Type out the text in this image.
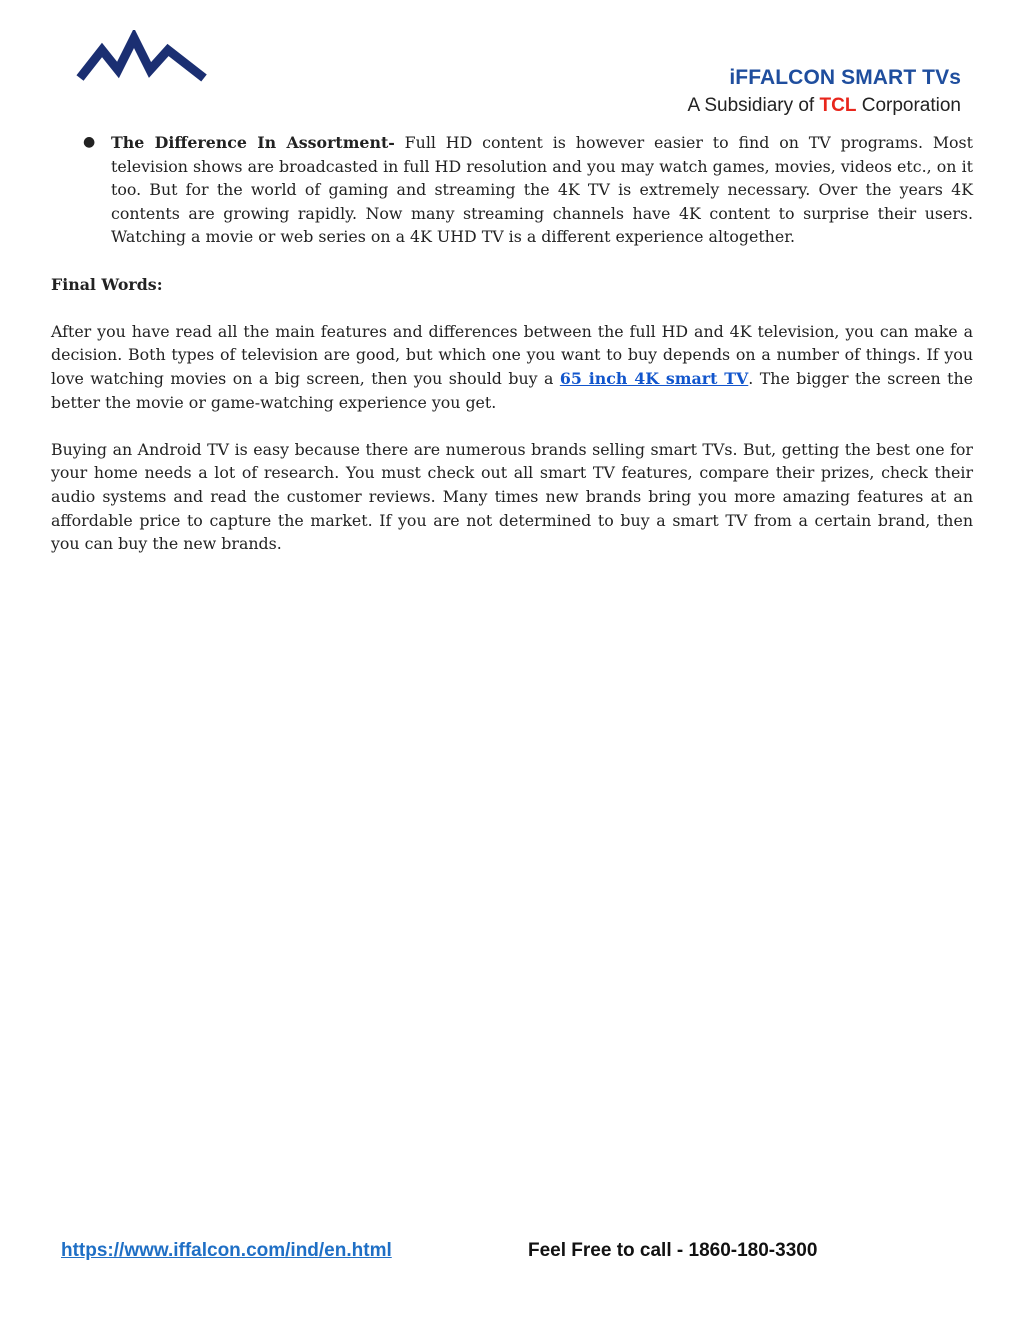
iFFALCON SMART TVs
A Subsidiary of TCL Corporation
● The Difference In Assortment- Full HD content is however easier to find on TV programs. Most television shows are broadcasted in full HD resolution and you may watch games, movies, videos etc., on it too. But for the world of gaming and streaming the 4K TV is extremely necessary. Over the years 4K contents are growing rapidly. Now many streaming channels have 4K content to surprise their users. Watching a movie or web series on a 4K UHD TV is a different experience altogether.

Final Words:

After you have read all the main features and differences between the full HD and 4K television, you can make a decision. Both types of television are good, but which one you want to buy depends on a number of things. If you love watching movies on a big screen, then you should buy a 65 inch 4K smart TV. The bigger the screen the better the movie or game-watching experience you get.

Buying an Android TV is easy because there are numerous brands selling smart TVs. But, getting the best one for your home needs a lot of research. You must check out all smart TV features, compare their prizes, check their audio systems and read the customer reviews. Many times new brands bring you more amazing features at an affordable price to capture the market. If you are not determined to buy a smart TV from a certain brand, then you can buy the new brands.

https://www.iffalcon.com/ind/en.html	Feel Free to call - 1860-180-3300
